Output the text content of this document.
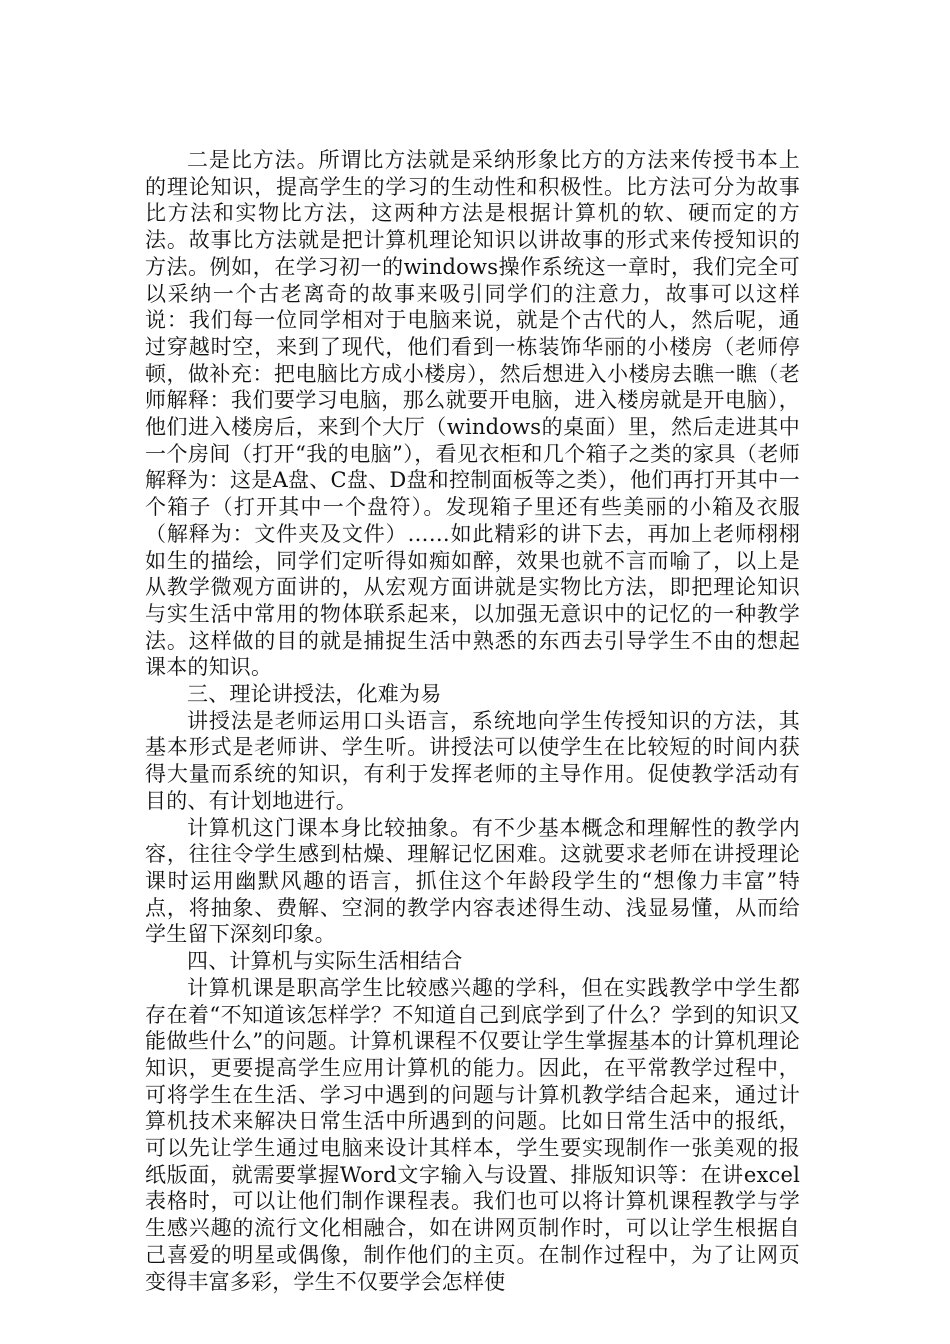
二是比方法。所谓比方法就是采纳形象比方的方法来传授书本上的理论知识，提高学生的学习的生动性和积极性。比方法可分为故事比方法和实物比方法，这两种方法是根据计算机的软、硬而定的方法。故事比方法就是把计算机理论知识以讲故事的形式来传授知识的方法。例如，在学习初一的windows操作系统这一章时，我们完全可以采纳一个古老离奇的故事来吸引同学们的注意力，故事可以这样说：我们每一位同学相对于电脑来说，就是个古代的人，然后呢，通过穿越时空，来到了现代，他们看到一栋装饰华丽的小楼房（老师停顿，做补充：把电脑比方成小楼房），然后想进入小楼房去瞧一瞧（老师解释：我们要学习电脑，那么就要开电脑，进入楼房就是开电脑），他们进入楼房后，来到个大厅（windows的桌面）里，然后走进其中一个房间（打开“我的电脑”），看见衣柜和几个箱子之类的家具（老师解释为：这是A盘、C盘、D盘和控制面板等之类），他们再打开其中一个箱子（打开其中一个盘符）。发现箱子里还有些美丽的小箱及衣服（解释为：文件夹及文件）……如此精彩的讲下去，再加上老师栩栩如生的描绘，同学们定听得如痴如醉，效果也就不言而喻了，以上是从教学微观方面讲的，从宏观方面讲就是实物比方法，即把理论知识与实生活中常用的物体联系起来，以加强无意识中的记忆的一种教学法。这样做的目的就是捕捉生活中熟悉的东西去引导学生不由的想起课本的知识。

三、理论讲授法，化难为易

讲授法是老师运用口头语言，系统地向学生传授知识的方法，其基本形式是老师讲、学生听。讲授法可以使学生在比较短的时间内获得大量而系统的知识，有利于发挥老师的主导作用。促使教学活动有目的、有计划地进行。

计算机这门课本身比较抽象。有不少基本概念和理解性的教学内容，往往令学生感到枯燥、理解记忆困难。这就要求老师在讲授理论课时运用幽默风趣的语言，抓住这个年龄段学生的“想像力丰富”特点，将抽象、费解、空洞的教学内容表述得生动、浅显易懂，从而给学生留下深刻印象。

四、计算机与实际生活相结合

计算机课是职高学生比较感兴趣的学科，但在实践教学中学生都存在着“不知道该怎样学？不知道自己到底学到了什么？学到的知识又能做些什么”的问题。计算机课程不仅要让学生掌握基本的计算机理论知识，更要提高学生应用计算机的能力。因此，在平常教学过程中，可将学生在生活、学习中遇到的问题与计算机教学结合起来，通过计算机技术来解决日常生活中所遇到的问题。比如日常生活中的报纸，可以先让学生通过电脑来设计其样本，学生要实现制作一张美观的报纸版面，就需要掌握Word文字输入与设置、排版知识等：在讲excel表格时，可以让他们制作课程表。我们也可以将计算机课程教学与学生感兴趣的流行文化相融合，如在讲网页制作时，可以让学生根据自己喜爱的明星或偶像，制作他们的主页。在制作过程中，为了让网页变得丰富多彩，学生不仅要学会怎样使
